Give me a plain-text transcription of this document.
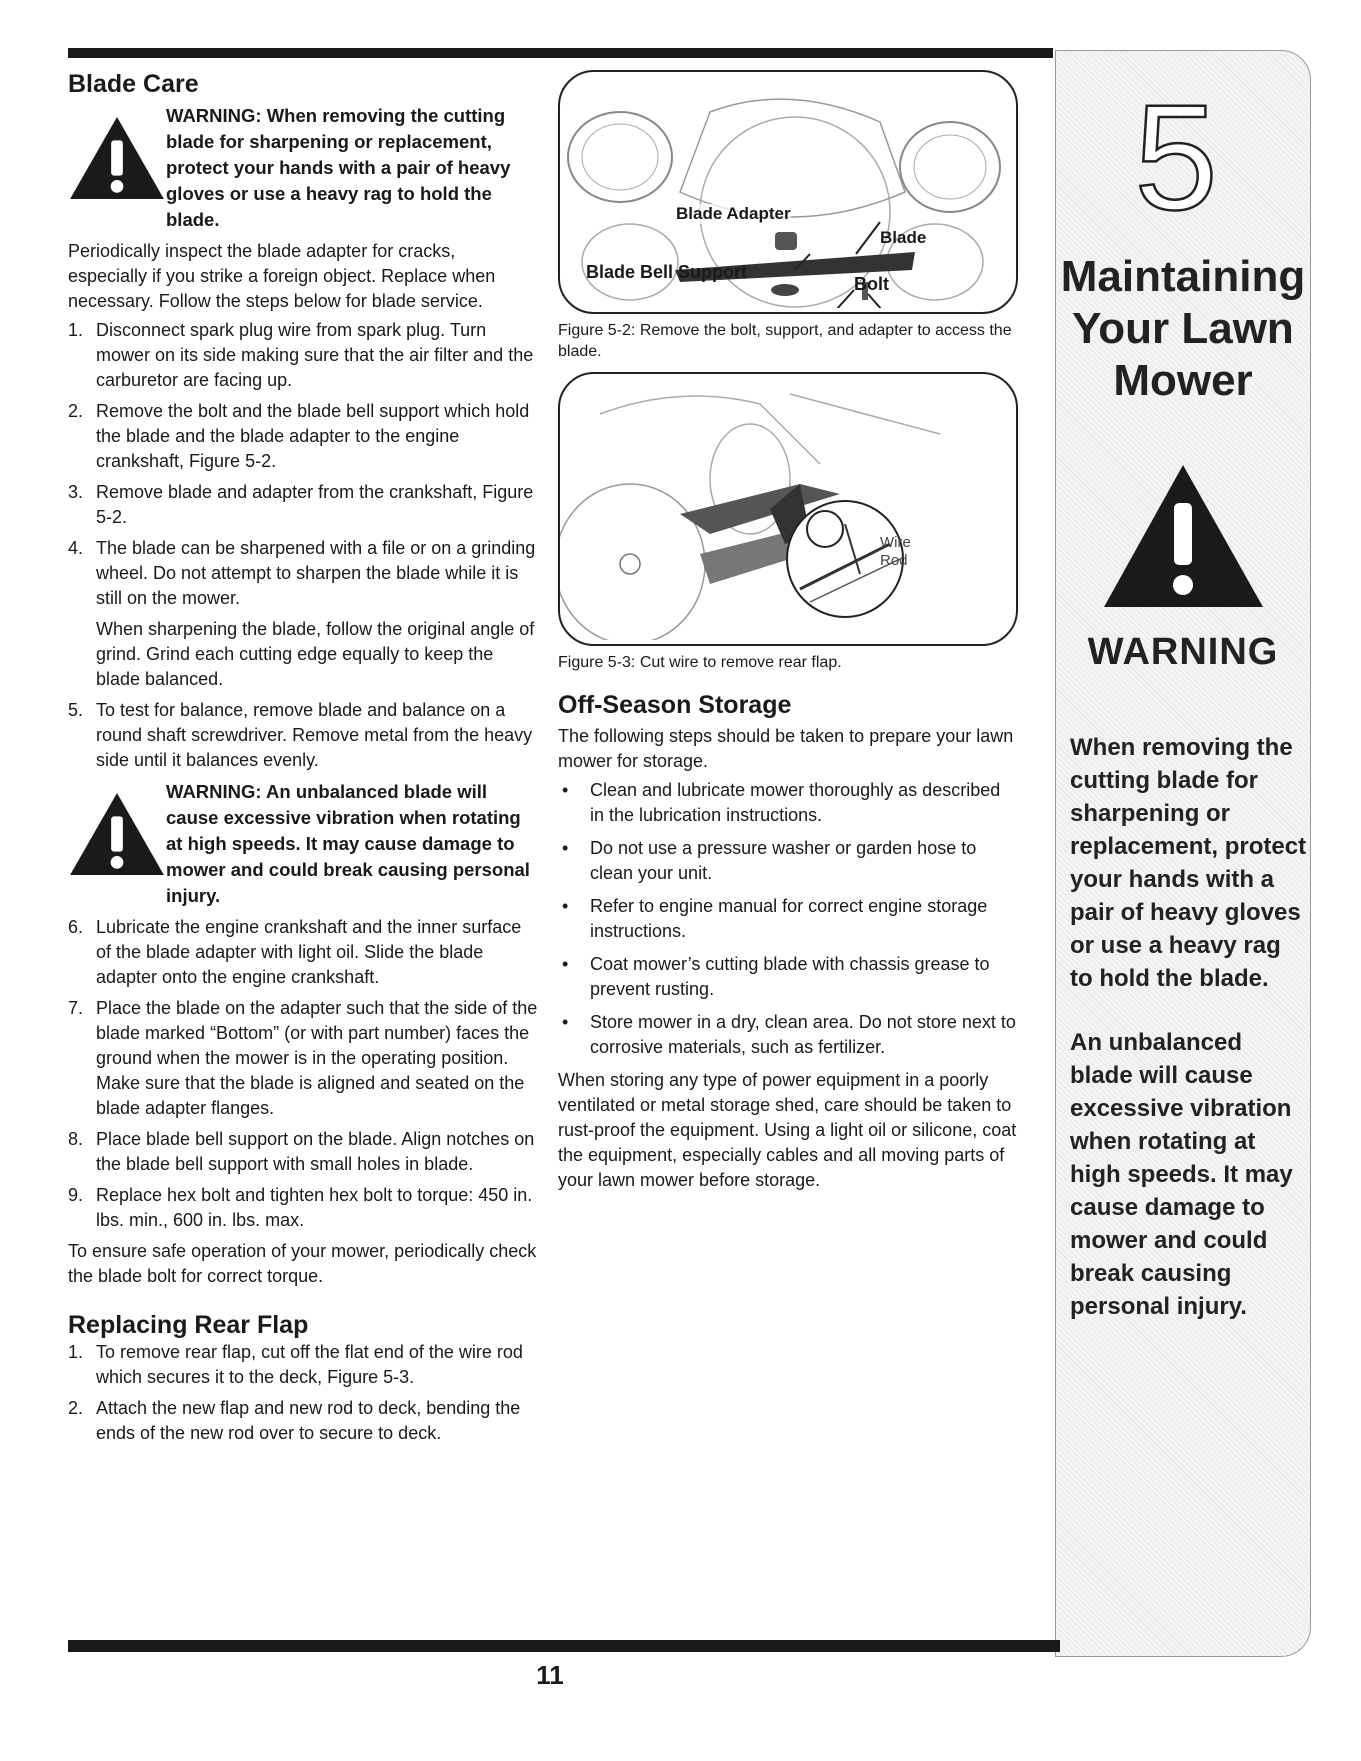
Blade Care
WARNING: When removing the cutting blade for sharpening or replacement, protect your hands with a pair of heavy gloves or use a heavy rag to hold the blade.

Periodically inspect the blade adapter for cracks, especially if you strike a foreign object. Replace when necessary. Follow the steps below for blade service.

1. Disconnect spark plug wire from spark plug. Turn mower on its side making sure that the air filter and the carburetor are facing up.
2. Remove the bolt and the blade bell support which hold the blade and the blade adapter to the engine crankshaft, Figure 5-2.
3. Remove blade and adapter from the crankshaft, Figure 5-2.
4. The blade can be sharpened with a file or on a grinding wheel. Do not attempt to sharpen the blade while it is still on the mower.

When sharpening the blade, follow the original angle of grind. Grind each cutting edge equally to keep the blade balanced.

5. To test for balance, remove blade and balance on a round shaft screwdriver. Remove metal from the heavy side until it balances evenly.
WARNING: An unbalanced blade will cause excessive vibration when rotating at high speeds. It may cause damage to mower and could break causing personal injury.
6. Lubricate the engine crankshaft and the inner surface of the blade adapter with light oil. Slide the blade adapter onto the engine crankshaft.
7. Place the blade on the adapter such that the side of the blade marked “Bottom” (or with part number) faces the ground when the mower is in the operating position. Make sure that the blade is aligned and seated on the blade adapter flanges.
8. Place blade bell support on the blade. Align notches on the blade bell support with small holes in blade.
9. Replace hex bolt and tighten hex bolt to torque: 450 in. lbs. min., 600 in. lbs. max.

To ensure safe operation of your mower, periodically check the blade bolt for correct torque.

Replacing Rear Flap
1. To remove rear flap, cut off the flat end of the wire rod which secures it to the deck, Figure 5-3.
2. Attach the new flap and new rod to deck, bending the ends of the new rod over to secure to deck.
Blade Adapter
Blade
Blade Bell Support
Bolt

Figure 5-2: Remove the bolt, support, and adapter to access the blade.

Wire
Rod

Figure 5-3: Cut wire to remove rear flap.

Off-Season Storage

The following steps should be taken to prepare your lawn mower for storage.

•	Clean and lubricate mower thoroughly as described in the lubrication instructions.
•	Do not use a pressure washer or garden hose to clean your unit.
•	Refer to engine manual for correct engine storage instructions.
•	Coat mower’s cutting blade with chassis grease to prevent rusting.
•	Store mower in a dry, clean area. Do not store next to corrosive materials, such as fertilizer.

When storing any type of power equipment in a poorly ventilated or metal storage shed, care should be taken to rust-proof the equipment. Using a light oil or silicone, coat the equipment, especially cables and all moving parts of your lawn mower before storage.

5
Maintaining Your Lawn Mower
WARNING
When removing the cutting blade for sharpening or replacement, protect your hands with a pair of heavy gloves or use a heavy rag to hold the blade.
An unbalanced blade will cause excessive vibration when rotating at high speeds. It may cause damage to mower and could break causing personal injury.
11
